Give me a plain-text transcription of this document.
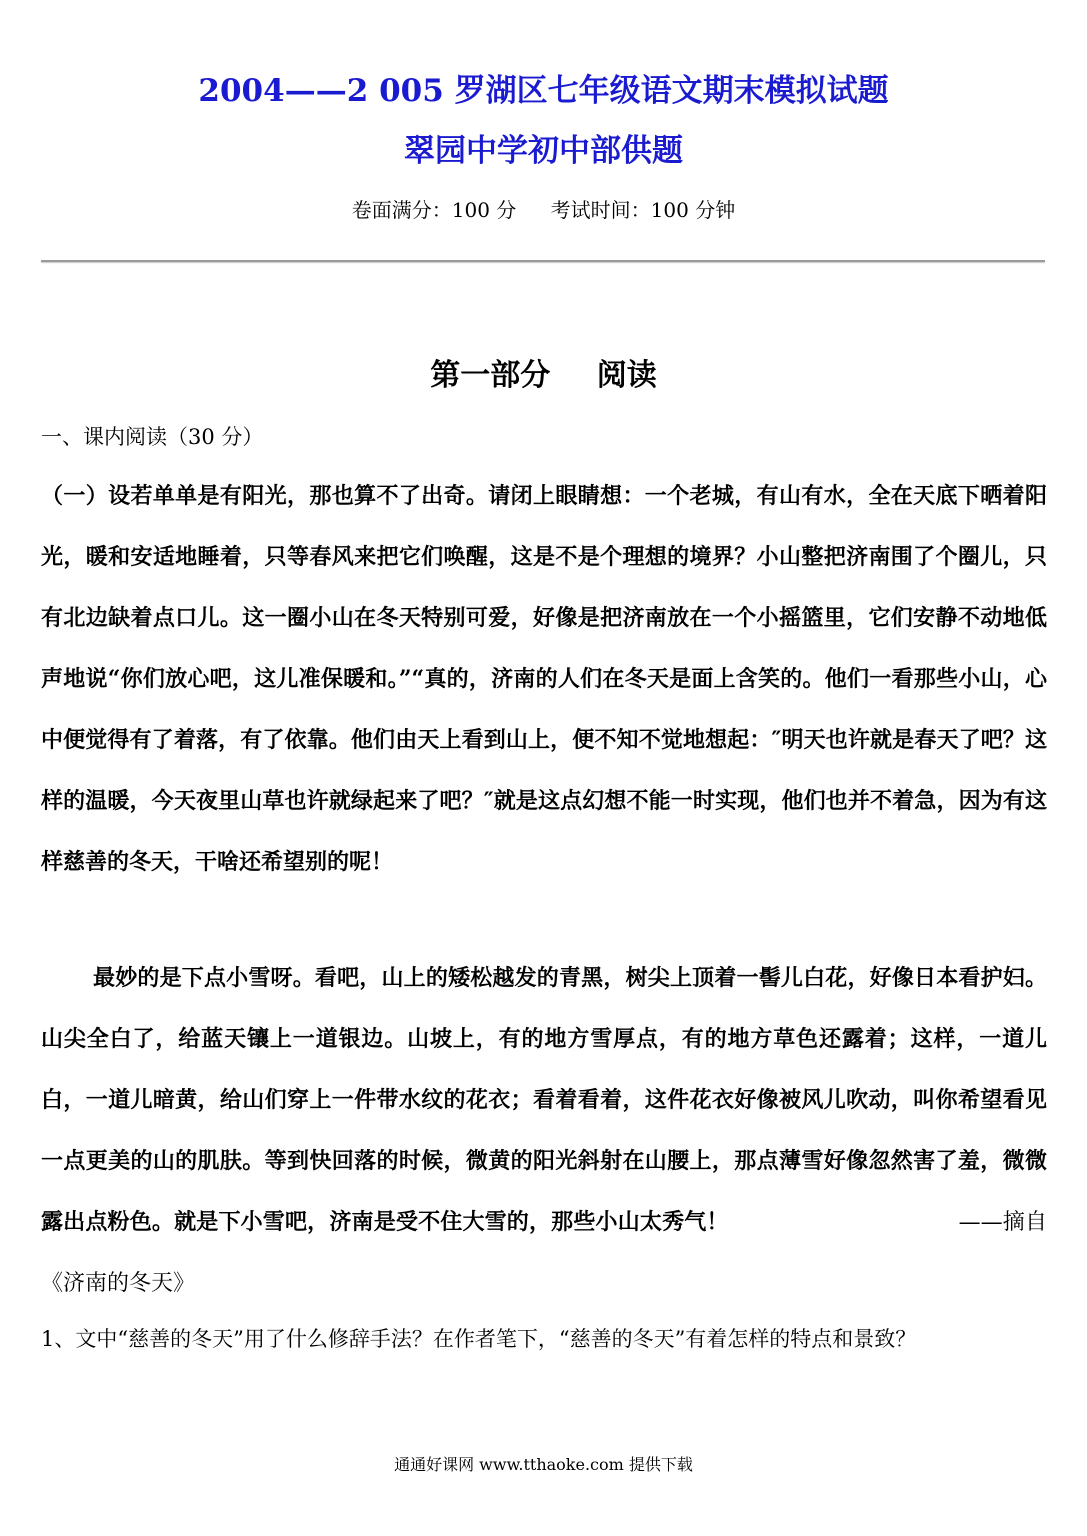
2004——2 005 罗湖区七年级语文期末模拟试题
翠园中学初中部供题
卷面满分：100 分 考试时间：100 分钟
第一部分 阅读
一、课内阅读（30 分）
（一）设若单单是有阳光，那也算不了出奇。请闭上眼睛想：一个老城，有山有水，全在天底下晒着阳光，暖和安适地睡着，只等春风来把它们唤醒，这是不是个理想的境界？小山整把济南围了个圈儿，只有北边缺着点口儿。这一圈小山在冬天特别可爱，好像是把济南放在一个小摇篮里，它们安静不动地低声地说“你们放心吧，这儿准保暖和。”“真的，济南的人们在冬天是面上含笑的。他们一看那些小山，心中便觉得有了着落，有了依靠。他们由天上看到山上，便不知不觉地想起：″明天也许就是春天了吧？这样的温暖，今天夜里山草也许就绿起来了吧？″就是这点幻想不能一时实现，他们也并不着急，因为有这样慈善的冬天，干啥还希望别的呢！
最妙的是下点小雪呀。看吧，山上的矮松越发的青黑，树尖上顶着一髻儿白花，好像日本看护妇。山尖全白了，给蓝天镶上一道银边。山坡上，有的地方雪厚点，有的地方草色还露着；这样，一道儿白，一道儿暗黄，给山们穿上一件带水纹的花衣；看着看着，这件花衣好像被风儿吹动，叫你希望看见一点更美的山的肌肤。等到快回落的时候，微黄的阳光斜射在山腰上，那点薄雪好像忽然害了羞，微微露出点粉色。就是下小雪吧，济南是受不住大雪的，那些小山太秀气！	——摘自《济南的冬天》
1、文中“慈善的冬天”用了什么修辞手法？在作者笔下，“慈善的冬天”有着怎样的特点和景致？
通通好课网 www.tthaoke.com 提供下载
